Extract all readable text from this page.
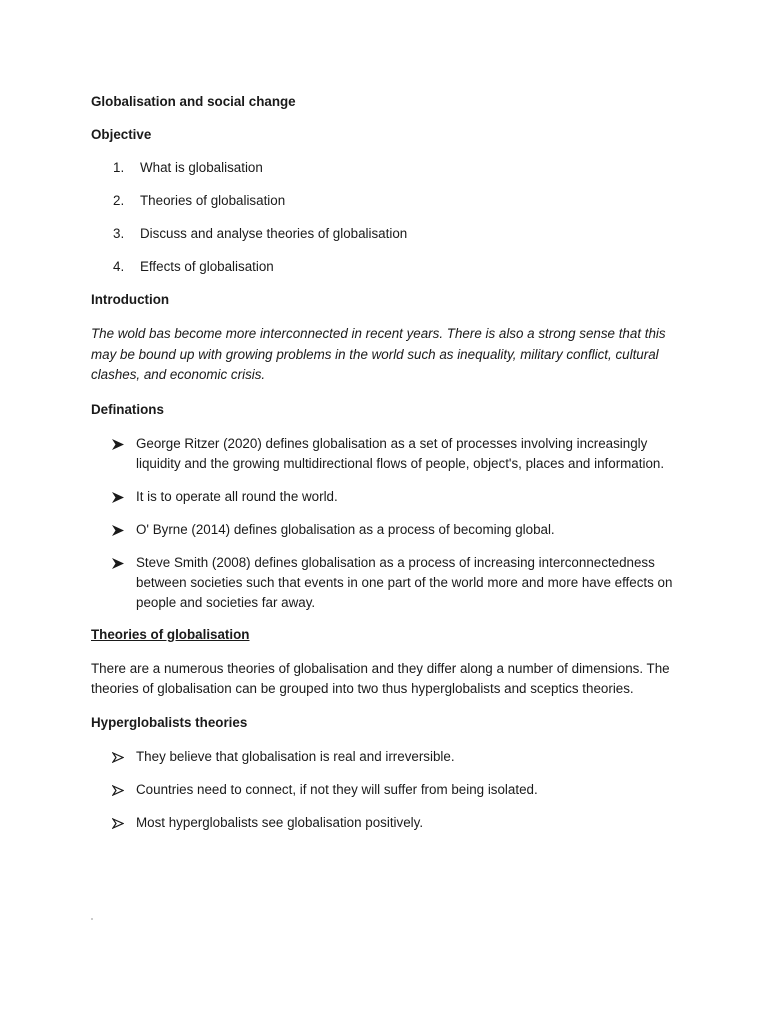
Globalisation and social change

Objective

1.	What is globalisation
2.	Theories of globalisation
3.	Discuss and analyse theories of globalisation
4.	Effects of globalisation

Introduction

The wold bas become more interconnected in recent years. There is also a strong sense that this may be bound up with growing problems in the world such as inequality, military conflict, cultural clashes, and economic crisis.

Definations

George Ritzer (2020) defines globalisation as a set of processes involving increasingly liquidity and the growing multidirectional flows of people, object's, places and information.
It is to operate all round the world.
O' Byrne (2014) defines globalisation as a process of becoming global.
Steve Smith (2008) defines globalisation as a process of increasing interconnectedness between societies such that events in one part of the world more and more have effects on people and societies far away.

Theories of globalisation

There are a numerous theories of globalisation and they differ along a number of dimensions. The theories of globalisation can be grouped into two thus hyperglobalists and sceptics theories.

Hyperglobalists theories

They believe that globalisation is real and irreversible.
Countries need to connect, if not they will suffer from being isolated.
Most hyperglobalists see globalisation positively.
